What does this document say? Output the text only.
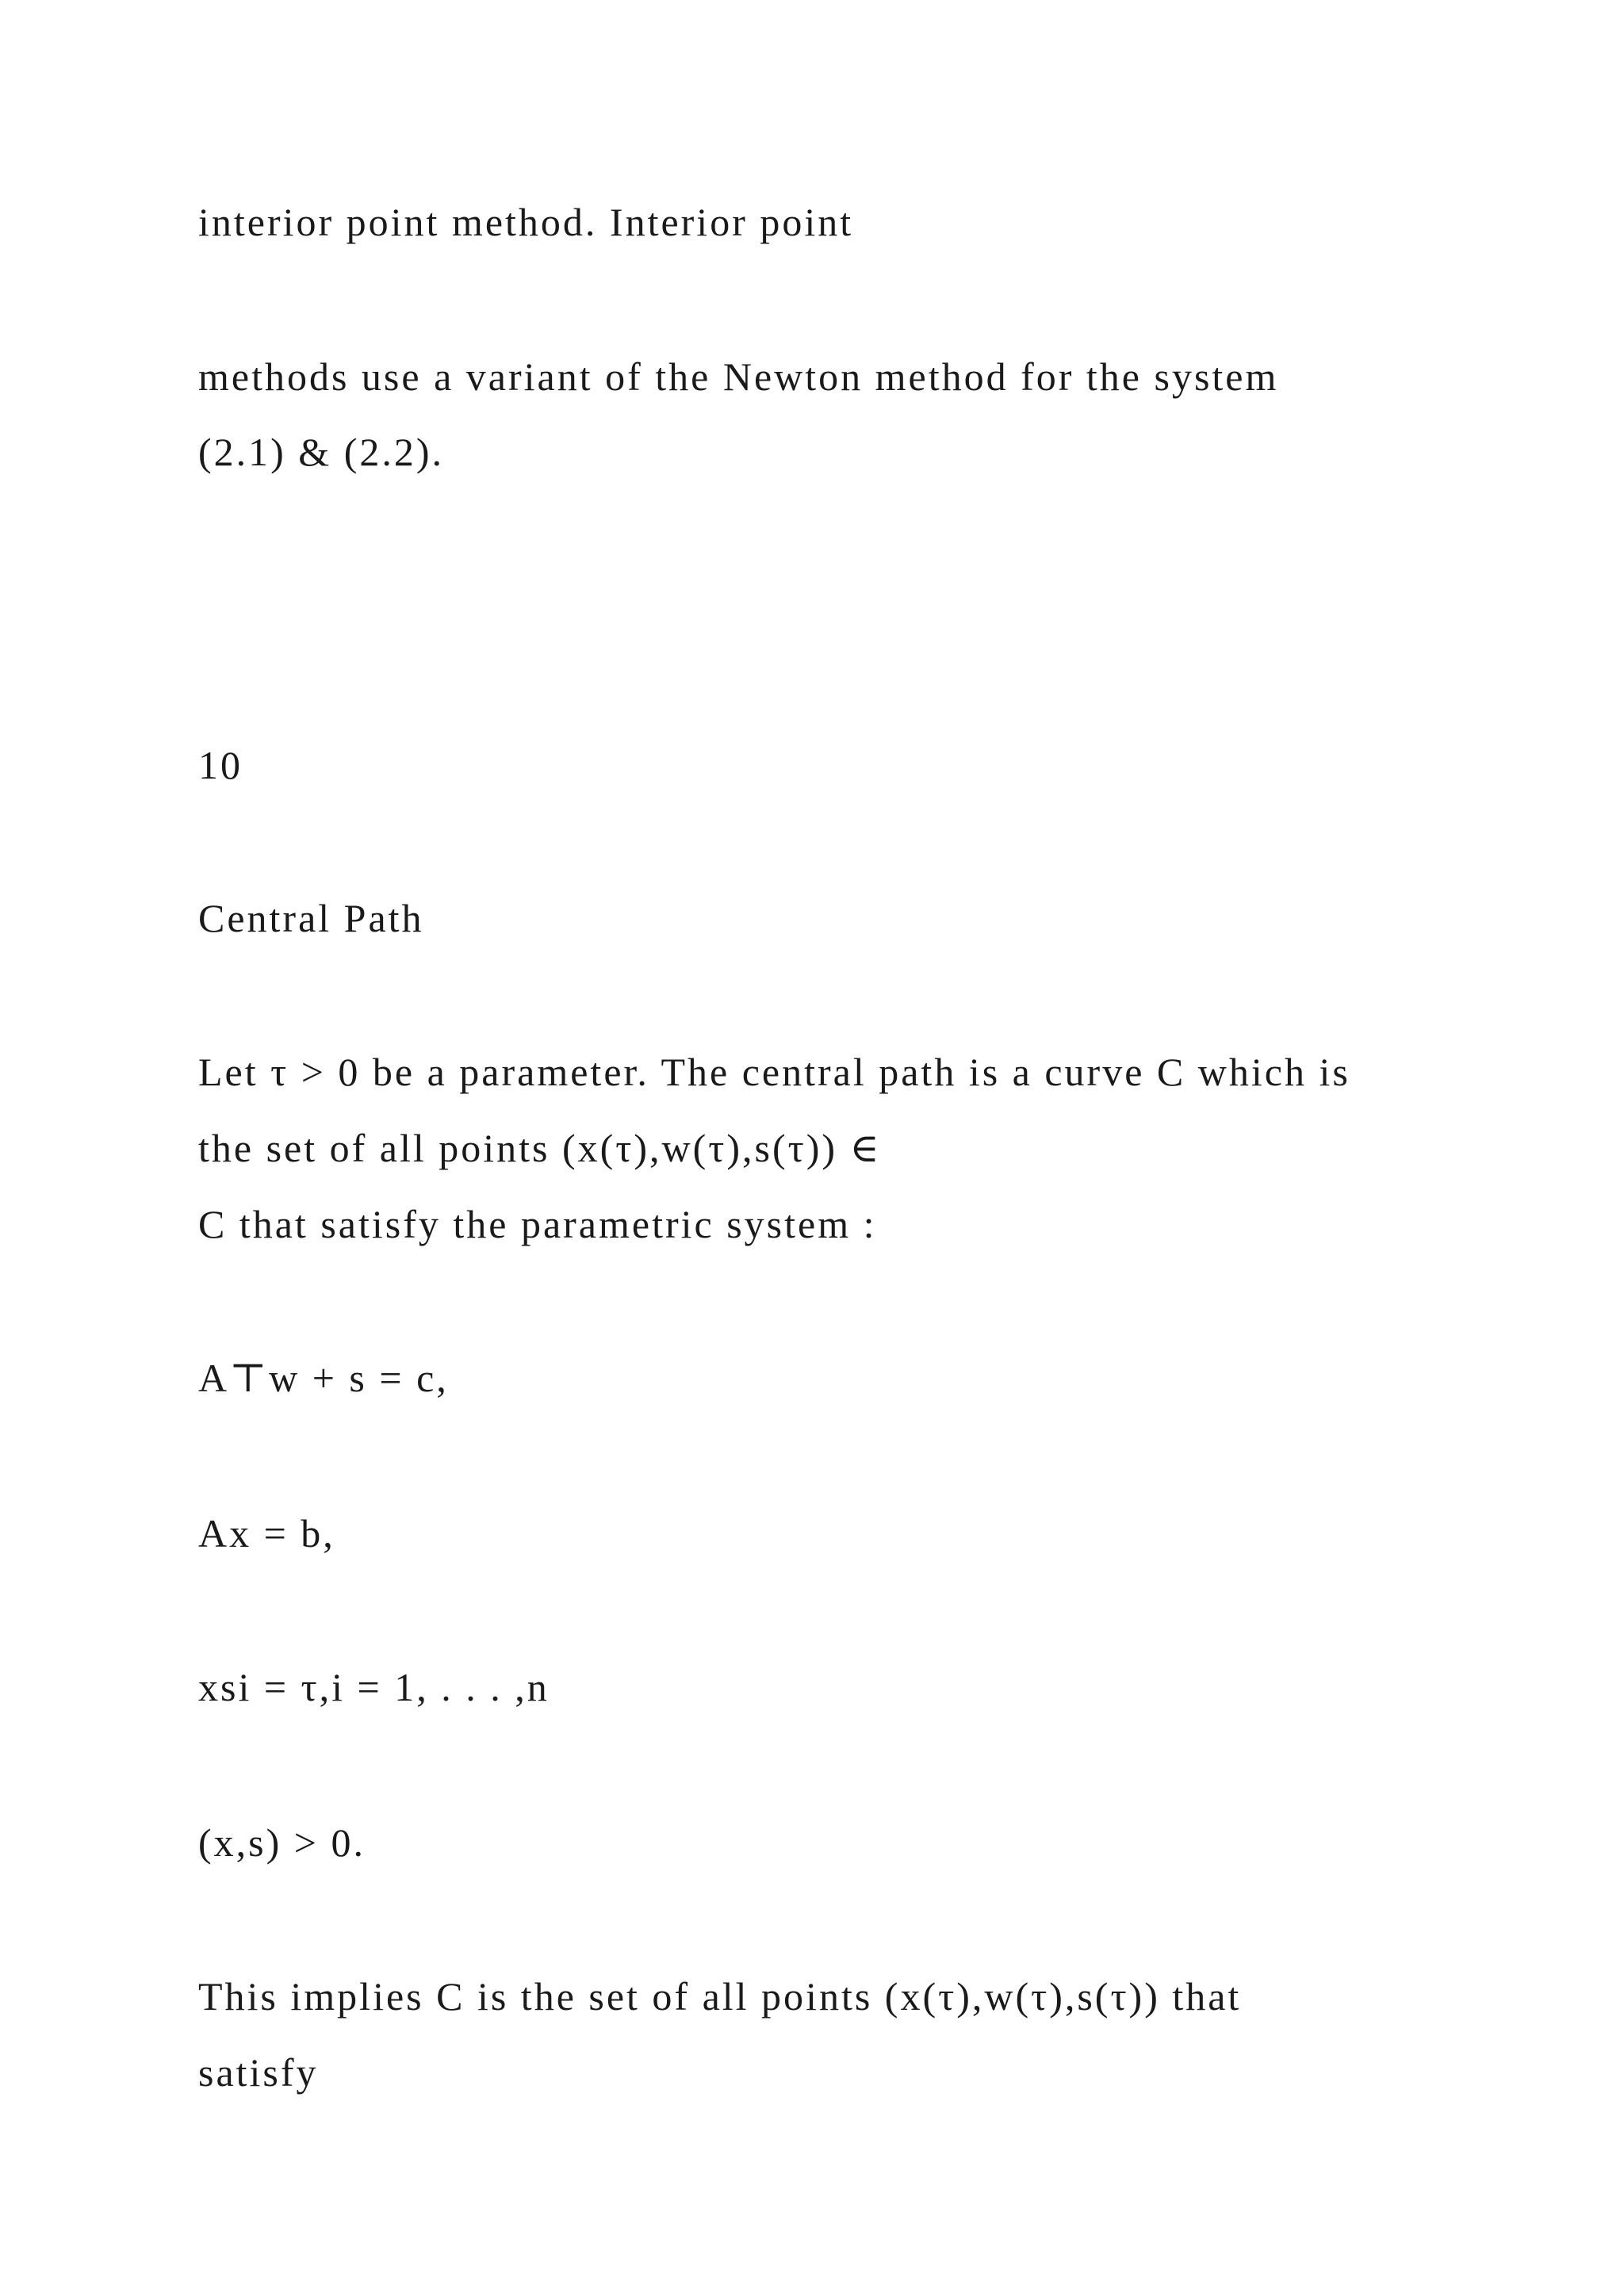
interior point method. Interior point
methods use a variant of the Newton method for the system
(2.1) & (2.2).
10
Central Path
Let τ > 0 be a parameter. The central path is a curve C which is
the set of all points (x(τ),w(τ),s(τ)) ∈
C that satisfy the parametric system :
A⊤w + s = c,
Ax = b,
xsi = τ,i = 1, . . . ,n
(x,s) > 0.
This implies C is the set of all points (x(τ),w(τ),s(τ)) that
satisfy
